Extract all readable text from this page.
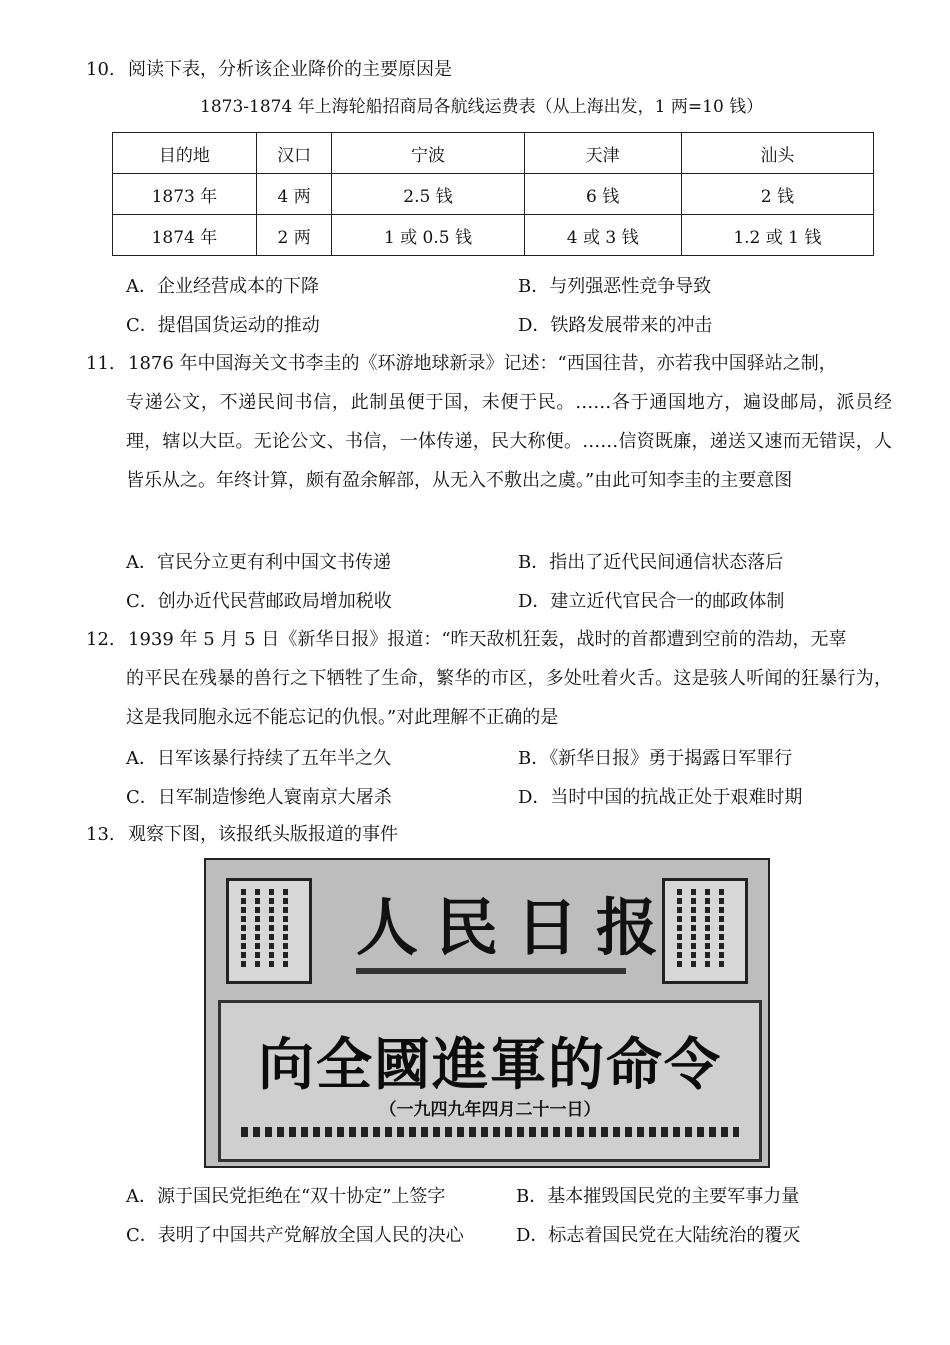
10. 阅读下表，分析该企业降价的主要原因是
1873-1874 年上海轮船招商局各航线运费表（从上海出发，1 两=10 钱）
目的地	汉口	宁波	天津	汕头
1873 年	4 两	2.5 钱	6 钱	2 钱
1874 年	2 两	1 或 0.5 钱	4 或 3 钱	1.2 或 1 钱
A．企业经营成本的下降	B．与列强恶性竞争导致
C．提倡国货运动的推动	D．铁路发展带来的冲击
11. 1876 年中国海关文书李圭的《环游地球新录》记述：“西国往昔，亦若我中国驿站之制，
专递公文，不递民间书信，此制虽便于国，未便于民。……各于通国地方，遍设邮局，派员经理，辖以大臣。无论公文、书信，一体传递，民大称便。……信资既廉，递送又速而无错误，人皆乐从之。年终计算，颇有盈余解部，从无入不敷出之虞。”由此可知李圭的主要意图
A．官民分立更有利中国文书传递	B．指出了近代民间通信状态落后
C．创办近代民营邮政局增加税收	D．建立近代官民合一的邮政体制
12. 1939 年 5 月 5 日《新华日报》报道：“昨天敌机狂轰，战时的首都遭到空前的浩劫，无辜
的平民在残暴的兽行之下牺牲了生命，繁华的市区，多处吐着火舌。这是骇人听闻的狂暴行为，这是我同胞永远不能忘记的仇恨。”对此理解不正确的是
A．日军该暴行持续了五年半之久	B．《新华日报》勇于揭露日军罪行
C．日军制造惨绝人寰南京大屠杀	D．当时中国的抗战正处于艰难时期
13. 观察下图，该报纸头版报道的事件
人民日报
向全國進軍的命令
（一九四九年四月二十一日）
A．源于国民党拒绝在“双十协定”上签字	B．基本摧毁国民党的主要军事力量
C．表明了中国共产党解放全国人民的决心	D．标志着国民党在大陆统治的覆灭
